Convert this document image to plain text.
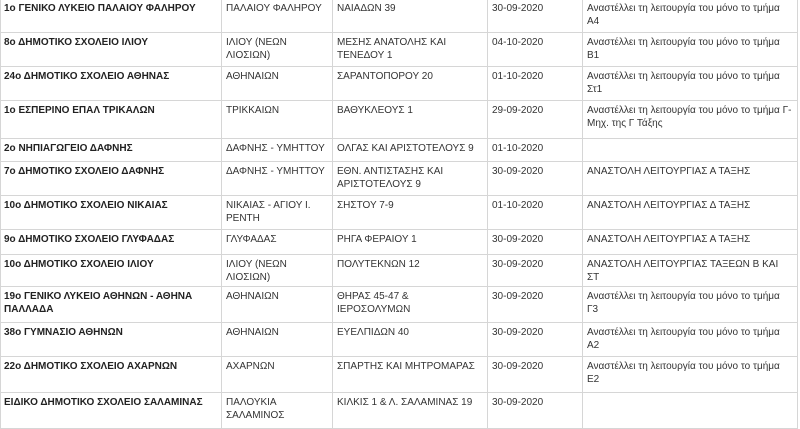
1ο ΓΕΝΙΚΟ ΛΥΚΕΙΟ ΠΑΛΑΙΟΥ ΦΑΛΗΡΟΥ	ΠΑΛΑΙΟΥ ΦΑΛΗΡΟΥ	ΝΑΙΑΔΩΝ 39	30-09-2020	Αναστέλλει τη λειτουργία του μόνο το τμήμα Α4
8ο ΔΗΜΟΤΙΚΟ ΣΧΟΛΕΙΟ ΙΛΙΟΥ	ΙΛΙΟΥ (ΝΕΩΝ ΛΙΟΣΙΩΝ)	ΜΕΣΗΣ ΑΝΑΤΟΛΗΣ ΚΑΙ ΤΕΝΕΔΟΥ 1	04-10-2020	Αναστέλλει τη λειτουργία του μόνο το τμήμα Β1
24ο ΔΗΜΟΤΙΚΟ ΣΧΟΛΕΙΟ ΑΘΗΝΑΣ	ΑΘΗΝΑΙΩΝ	ΣΑΡΑΝΤΟΠΟΡΟΥ 20	01-10-2020	Αναστέλλει τη λειτουργία του μόνο το τμήμα Στ1
1ο ΕΣΠΕΡΙΝΟ ΕΠΑΛ ΤΡΙΚΑΛΩΝ	ΤΡΙΚΚΑΙΩΝ	ΒΑΘΥΚΛΕΟΥΣ 1	29-09-2020	Αναστέλλει τη λειτουργία του μόνο το τμήμα Γ-Μηχ. της Γ Τάξης
2ο ΝΗΠΙΑΓΩΓΕΙΟ ΔΑΦΝΗΣ	ΔΑΦΝΗΣ - ΥΜΗΤΤΟΥ	ΟΛΓΑΣ ΚΑΙ ΑΡΙΣΤΟΤΕΛΟΥΣ 9	01-10-2020	
7ο ΔΗΜΟΤΙΚΟ ΣΧΟΛΕΙΟ ΔΑΦΝΗΣ	ΔΑΦΝΗΣ - ΥΜΗΤΤΟΥ	ΕΘΝ. ΑΝΤΙΣΤΑΣΗΣ ΚΑΙ ΑΡΙΣΤΟΤΕΛΟΥΣ 9	30-09-2020	ΑΝΑΣΤΟΛΗ ΛΕΙΤΟΥΡΓΙΑΣ Α ΤΑΞΗΣ
10ο ΔΗΜΟΤΙΚΟ ΣΧΟΛΕΙΟ ΝΙΚΑΙΑΣ	ΝΙΚΑΙΑΣ - ΑΓΙΟΥ Ι. ΡΕΝΤΗ	ΣΗΣΤΟΥ 7-9	01-10-2020	ΑΝΑΣΤΟΛΗ ΛΕΙΤΟΥΡΓΙΑΣ Δ ΤΑΞΗΣ
9ο ΔΗΜΟΤΙΚΟ ΣΧΟΛΕΙΟ ΓΛΥΦΑΔΑΣ	ΓΛΥΦΑΔΑΣ	ΡΗΓΑ ΦΕΡΑΙΟΥ 1	30-09-2020	ΑΝΑΣΤΟΛΗ ΛΕΙΤΟΥΡΓΙΑΣ Α ΤΑΞΗΣ
10ο ΔΗΜΟΤΙΚΟ ΣΧΟΛΕΙΟ ΙΛΙΟΥ	ΙΛΙΟΥ (ΝΕΩΝ ΛΙΟΣΙΩΝ)	ΠΟΛΥΤΕΚΝΩΝ 12	30-09-2020	ΑΝΑΣΤΟΛΗ ΛΕΙΤΟΥΡΓΙΑΣ ΤΑΞΕΩΝ Β ΚΑΙ ΣΤ
19ο ΓΕΝΙΚΟ ΛΥΚΕΙΟ ΑΘΗΝΩΝ - ΑΘΗΝΑ ΠΑΛΛΑΔΑ	ΑΘΗΝΑΙΩΝ	ΘΗΡΑΣ 45-47 & ΙΕΡΟΣΟΛΥΜΩΝ	30-09-2020	Αναστέλλει τη λειτουργία του μόνο το τμήμα Γ3
38ο ΓΥΜΝΑΣΙΟ ΑΘΗΝΩΝ	ΑΘΗΝΑΙΩΝ	ΕΥΕΛΠΙΔΩΝ 40	30-09-2020	Αναστέλλει τη λειτουργία του μόνο το τμήμα Α2
22ο ΔΗΜΟΤΙΚΟ ΣΧΟΛΕΙΟ ΑΧΑΡΝΩΝ	ΑΧΑΡΝΩΝ	ΣΠΑΡΤΗΣ ΚΑΙ ΜΗΤΡΟΜΑΡΑΣ	30-09-2020	Αναστέλλει τη λειτουργία του μόνο το τμήμα Ε2
ΕΙΔΙΚΟ ΔΗΜΟΤΙΚΟ ΣΧΟΛΕΙΟ ΣΑΛΑΜΙΝΑΣ	ΠΑΛΟΥΚΙΑ ΣΑΛΑΜΙΝΟΣ	ΚΙΛΚΙΣ 1 & Λ. ΣΑΛΑΜΙΝΑΣ 19	30-09-2020	
